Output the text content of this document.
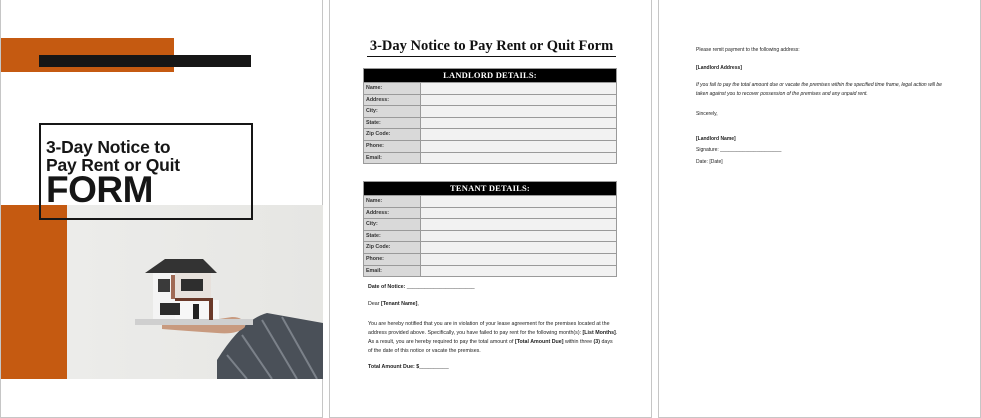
3-Day Notice to
Pay Rent or Quit
FORM
3-Day Notice to Pay Rent or Quit Form
LANDLORD DETAILS:
Name:
Address:
City:
State:
Zip Code:
Phone:
Email:
TENANT DETAILS:
Name:
Address:
City:
State:
Zip Code:
Phone:
Email:
Date of Notice: _______________________
Dear [Tenant Name],
You are hereby notified that you are in violation of your lease agreement for the premises located at the address provided above. Specifically, you have failed to pay rent for the following month(s): [List Months]. As a result, you are hereby required to pay the total amount of [Total Amount Due] within three (3) days of the date of this notice or vacate the premises.
Total Amount Due: $__________
Please remit payment to the following address:
[Landlord Address]
If you fail to pay the total amount due or vacate the premises within the specified time frame, legal action will be taken against you to recover possession of the premises and any unpaid rent.
Sincerely,
[Landlord Name]
Signature: ______________________
Date: [Date]
